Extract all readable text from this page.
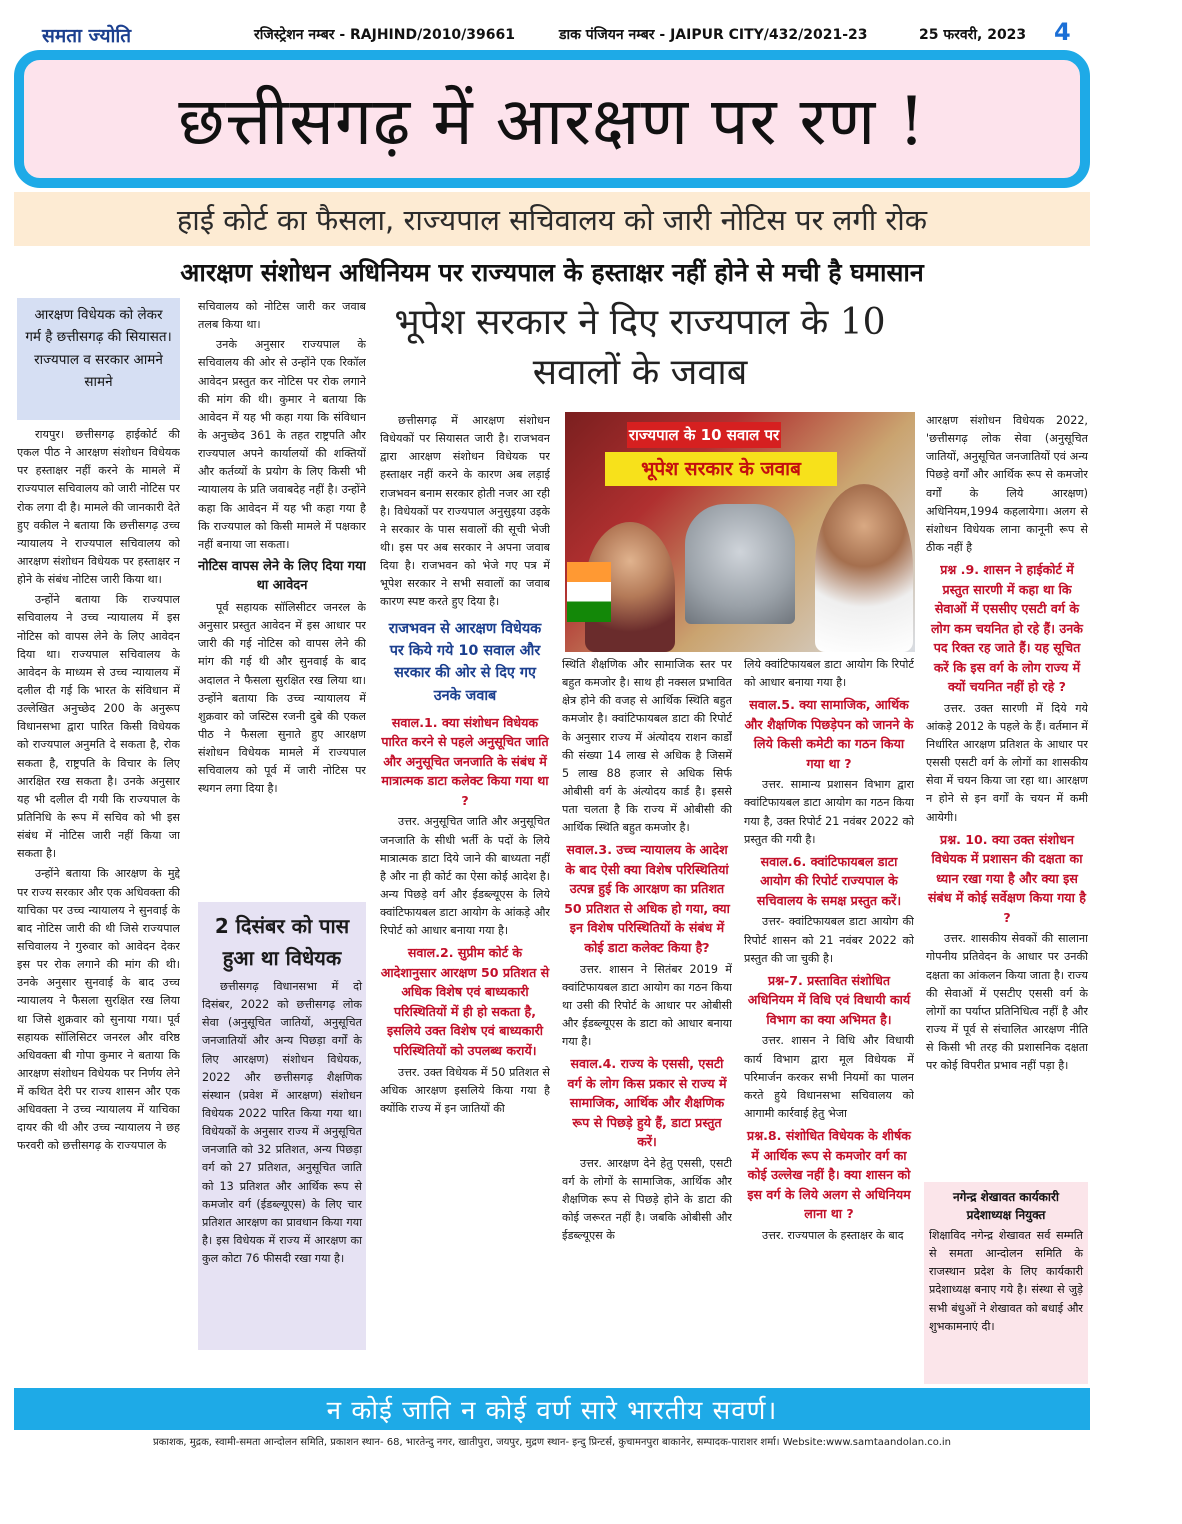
समता ज्योति	रजिस्ट्रेशन नम्बर - RAJHIND/2010/39661	डाक पंजियन नम्बर - JAIPUR CITY/432/2021-23	25 फरवरी, 2023 4
छत्तीसगढ़ में आरक्षण पर रण !
हाई कोर्ट का फैसला, राज्यपाल सचिवालय को जारी नोटिस पर लगी रोक
आरक्षण संशोधन अधिनियम पर राज्यपाल के हस्ताक्षर नहीं होने से मची है घमासान
आरक्षण विधेयक को लेकर गर्म है छत्तीसगढ़ की सियासत। राज्यपाल व सरकार आमने सामने

रायपुर। छत्तीसगढ़ हाईकोर्ट की एकल पीठ ने आरक्षण संशोधन विधेयक पर हस्ताक्षर नहीं करने के मामले में राज्यपाल सचिवालय को जारी नोटिस पर रोक लगा दी है। मामले की जानकारी देते हुए वकील ने बताया कि छत्तीसगढ़ उच्च न्यायालय ने राज्यपाल सचिवालय को आरक्षण संशोधन विधेयक पर हस्ताक्षर न होने के संबंध नोटिस जारी किया था।

उन्होंने बताया कि राज्यपाल सचिवालय ने उच्च न्यायालय में इस नोटिस को वापस लेने के लिए आवेदन दिया था। राज्यपाल सचिवालय के आवेदन के माध्यम से उच्च न्यायालय में दलील दी गई कि भारत के संविधान में उल्लेखित अनुच्छेद 200 के अनुरूप विधानसभा द्वारा पारित किसी विधेयक को राज्यपाल अनुमति दे सकता है, रोक सकता है, राष्ट्रपति के विचार के लिए आरक्षित रख सकता है। उनके अनुसार यह भी दलील दी गयी कि राज्यपाल के प्रतिनिधि के रूप में सचिव को भी इस संबंध में नोटिस जारी नहीं किया जा सकता है।

उन्होंने बताया कि आरक्षण के मुद्दे पर राज्य सरकार और एक अधिवक्ता की याचिका पर उच्च न्यायालय ने सुनवाई के बाद नोटिस जारी की थी जिसे राज्यपाल सचिवालय ने गुरुवार को आवेदन देकर इस पर रोक लगाने की मांग की थी। उनके अनुसार सुनवाई के बाद उच्च न्यायालय ने फैसला सुरक्षित रख लिया था जिसे शुक्रवार को सुनाया गया। पूर्व सहायक सॉलिसिटर जनरल और वरिष्ठ अधिवक्ता बी गोपा कुमार ने बताया कि आरक्षण संशोधन विधेयक पर निर्णय लेने में कथित देरी पर राज्य शासन और एक अधिवक्ता ने उच्च न्यायालय में याचिका दायर की थी और उच्च न्यायालय ने छह फरवरी को छत्तीसगढ़ के राज्यपाल के

सचिवालय को नोटिस जारी कर जवाब तलब किया था।

उनके अनुसार राज्यपाल के सचिवालय की ओर से उन्होंने एक रिकॉल आवेदन प्रस्तुत कर नोटिस पर रोक लगाने की मांग की थी। कुमार ने बताया कि आवेदन में यह भी कहा गया कि संविधान के अनुच्छेद 361 के तहत राष्ट्रपति और राज्यपाल अपने कार्यालयों की शक्तियों और कर्तव्यों के प्रयोग के लिए किसी भी न्यायालय के प्रति जवाबदेह नहीं है। उन्होंने कहा कि आवेदन में यह भी कहा गया है कि राज्यपाल को किसी मामले में पक्षकार नहीं बनाया जा सकता।

नोटिस वापस लेने के लिए दिया गया था आवेदन

पूर्व सहायक सॉलिसीटर जनरल के अनुसार प्रस्तुत आवेदन में इस आधार पर जारी की गई नोटिस को वापस लेने की मांग की गई थी और सुनवाई के बाद अदालत ने फैसला सुरक्षित रख लिया था। उन्होंने बताया कि उच्च न्यायालय में शुक्रवार को जस्टिस रजनी दुबे की एकल पीठ ने फैसला सुनाते हुए आरक्षण संशोधन विधेयक मामले में राज्यपाल सचिवालय को पूर्व में जारी नोटिस पर स्थगन लगा दिया है।

2 दिसंबर को पास हुआ था विधेयक

छत्तीसगढ़ विधानसभा में दो दिसंबर, 2022 को छत्तीसगढ़ लोक सेवा (अनुसूचित जातियों, अनुसूचित जनजातियों और अन्य पिछड़ा वर्गों के लिए आरक्षण) संशोधन विधेयक, 2022 और छत्तीसगढ़ शैक्षणिक संस्थान (प्रवेश में आरक्षण) संशोधन विधेयक 2022 पारित किया गया था। विधेयकों के अनुसार राज्य में अनुसूचित जनजाति को 32 प्रतिशत, अन्य पिछड़ा वर्ग को 27 प्रतिशत, अनुसूचित जाति को 13 प्रतिशत और आर्थिक रूप से कमजोर वर्ग (ईडब्ल्यूएस) के लिए चार प्रतिशत आरक्षण का प्रावधान किया गया है। इस विधेयक में राज्य में आरक्षण का कुल कोटा 76 फीसदी रखा गया है।

भूपेश सरकार ने दिए राज्यपाल के 10 सवालों के जवाब
राज्यपाल के 10 सवाल पर
भूपेश सरकार के जवाब

छत्तीसगढ़ में आरक्षण संशोधन विधेयकों पर सियासत जारी है। राजभवन द्वारा आरक्षण संशोधन विधेयक पर हस्ताक्षर नहीं करने के कारण अब लड़ाई राजभवन बनाम सरकार होती नजर आ रही है। विधेयकों पर राज्यपाल अनुसुइया उइके ने सरकार के पास सवालों की सूची भेजी थी। इस पर अब सरकार ने अपना जवाब दिया है। राजभवन को भेजे गए पत्र में भूपेश सरकार ने सभी सवालों का जवाब कारण स्पष्ट करते हुए दिया है।

राजभवन से आरक्षण विधेयक पर किये गये 10 सवाल और सरकार की ओर से दिए गए उनके जवाब
सवाल.1. क्या संशोधन विधेयक पारित करने से पहले अनुसूचित जाति और अनुसूचित जनजाति के संबंध में मात्रात्मक डाटा कलेक्ट किया गया था ?

उत्तर. अनुसूचित जाति और अनुसूचित जनजाति के सीधी भर्ती के पदों के लिये मात्रात्मक डाटा दिये जाने की बाध्यता नहीं है और ना ही कोर्ट का ऐसा कोई आदेश है। अन्य पिछड़े वर्ग और ईडब्ल्यूएस के लिये क्वांटिफायबल डाटा आयोग के आंकड़े और रिपोर्ट को आधार बनाया गया है।

सवाल.2. सुप्रीम कोर्ट के आदेशानुसार आरक्षण 50 प्रतिशत से अधिक विशेष एवं बाध्यकारी परिस्थितियों में ही हो सकता है, इसलिये उक्त विशेष एवं बाध्यकारी परिस्थितियों को उपलब्ध करायें।

उत्तर. उक्त विधेयक में 50 प्रतिशत से अधिक आरक्षण इसलिये किया गया है क्योंकि राज्य में इन जातियों की

स्थिति शैक्षणिक और सामाजिक स्तर पर बहुत कमजोर है। साथ ही नक्सल प्रभावित क्षेत्र होने की वजह से आर्थिक स्थिति बहुत कमजोर है। क्वांटिफायबल डाटा की रिपोर्ट के अनुसार राज्य में अंत्योदय राशन कार्डों की संख्या 14 लाख से अधिक है जिसमें 5 लाख 88 हजार से अधिक सिर्फ ओबीसी वर्ग के अंत्योदय कार्ड है। इससे पता चलता है कि राज्य में ओबीसी की आर्थिक स्थिति बहुत कमजोर है।

सवाल.3. उच्च न्यायालय के आदेश के बाद ऐसी क्या विशेष परिस्थितियां उत्पन्न हुई कि आरक्षण का प्रतिशत 50 प्रतिशत से अधिक हो गया, क्या इन विशेष परिस्थितियों के संबंध में कोई डाटा कलेक्ट किया है?

उत्तर. शासन ने सितंबर 2019 में क्वांटिफायबल डाटा आयोग का गठन किया था उसी की रिपोर्ट के आधार पर ओबीसी और ईडब्ल्यूएस के डाटा को आधार बनाया गया है।

सवाल.4. राज्य के एससी, एसटी वर्ग के लोग किस प्रकार से राज्य में सामाजिक, आर्थिक और शैक्षणिक रूप से पिछड़े हुये हैं, डाटा प्रस्तुत करें।

उत्तर. आरक्षण देने हेतु एससी, एसटी वर्ग के लोगों के सामाजिक, आर्थिक और शैक्षणिक रूप से पिछड़े होने के डाटा की कोई जरूरत नहीं है। जबकि ओबीसी और ईडब्ल्यूएस के

लिये क्वांटिफायबल डाटा आयोग कि रिपोर्ट को आधार बनाया गया है।

सवाल.5. क्या सामाजिक, आर्थिक और शैक्षणिक पिछड़ेपन को जानने के लिये किसी कमेटी का गठन किया गया था ?

उत्तर. सामान्य प्रशासन विभाग द्वारा क्वांटिफायबल डाटा आयोग का गठन किया गया है, उक्त रिपोर्ट 21 नवंबर 2022 को प्रस्तुत की गयी है।

सवाल.6. क्वांटिफायबल डाटा आयोग की रिपोर्ट राज्यपाल के सचिवालय के समक्ष प्रस्तुत करें।

उत्तर- क्वांटिफायबल डाटा आयोग की रिपोर्ट शासन को 21 नवंबर 2022 को प्रस्तुत की जा चुकी है।

प्रश्न-7. प्रस्तावित संशोधित अधिनियम में विधि एवं विधायी कार्य विभाग का क्या अभिमत है।

उत्तर. शासन ने विधि और विधायी कार्य विभाग द्वारा मूल विधेयक में परिमार्जन करकर सभी नियमों का पालन करते हुये विधानसभा सचिवालय को आगामी कार्रवाई हेतु भेजा

प्रश्न.8. संशोधित विधेयक के शीर्षक में आर्थिक रूप से कमजोर वर्ग का कोई उल्लेख नहीं है। क्या शासन को इस वर्ग के लिये अलग से अधिनियम लाना था ?

उत्तर. राज्यपाल के हस्ताक्षर के बाद

आरक्षण संशोधन विधेयक 2022, 'छत्तीसगढ़ लोक सेवा (अनुसूचित जातियों, अनुसूचित जनजातियों एवं अन्य पिछड़े वर्गों और आर्थिक रूप से कमजोर वर्गों के लिये आरक्षण) अधिनियम,1994 कहलायेगा। अलग से संशोधन विधेयक लाना कानूनी रूप से ठीक नहीं है

प्रश्न .9. शासन ने हाईकोर्ट में प्रस्तुत सारणी में कहा था कि सेवाओं में एससीए एसटी वर्ग के लोग कम चयनित हो रहे हैं। उनके पद रिक्त रह जाते हैं। यह सूचित करें कि इस वर्ग के लोग राज्य में क्यों चयनित नहीं हो रहे ?

उत्तर. उक्त सारणी में दिये गये आंकड़े 2012 के पहले के हैं। वर्तमान में निर्धारित आरक्षण प्रतिशत के आधार पर एससी एसटी वर्ग के लोगों का शासकीय सेवा में चयन किया जा रहा था। आरक्षण न होने से इन वर्गों के चयन में कमी आयेगी।

प्रश्न. 10. क्या उक्त संशोधन विधेयक में प्रशासन की दक्षता का ध्यान रखा गया है और क्या इस संबंध में कोई सर्वेक्षण किया गया है ?

उत्तर. शासकीय सेवकों की सालाना गोपनीय प्रतिवेदन के आधार पर उनकी दक्षता का आंकलन किया जाता है। राज्य की सेवाओं में एसटीए एससी वर्ग के लोगों का पर्याप्त प्रतिनिधित्व नहीं है और राज्य में पूर्व से संचालित आरक्षण नीति से किसी भी तरह की प्रशासनिक दक्षता पर कोई विपरीत प्रभाव नहीं पड़ा है।

नगेन्द्र शेखावत कार्यकारी प्रदेशाध्यक्ष नियुक्त
शिक्षाविद नगेन्द्र शेखावत सर्व सम्मति से समता आन्दोलन समिति के राजस्थान प्रदेश के लिए कार्यकारी प्रदेशाध्यक्ष बनाए गये है। संस्था से जुड़े सभी बंधुओं ने शेखावत को बधाई और शुभकामनाएं दी।
न कोई जाति न कोई वर्ण सारे भारतीय सवर्ण।
प्रकाशक, मुद्रक, स्वामी-समता आन्दोलन समिति, प्रकाशन स्थान- 68, भारतेन्दु नगर, खातीपुरा, जयपुर, मुद्रण स्थान- इन्दु प्रिन्टर्स, कुचामनपुरा बाकानेर, सम्पादक-पाराशर शर्मा। Website:www.samtaandolan.co.in
